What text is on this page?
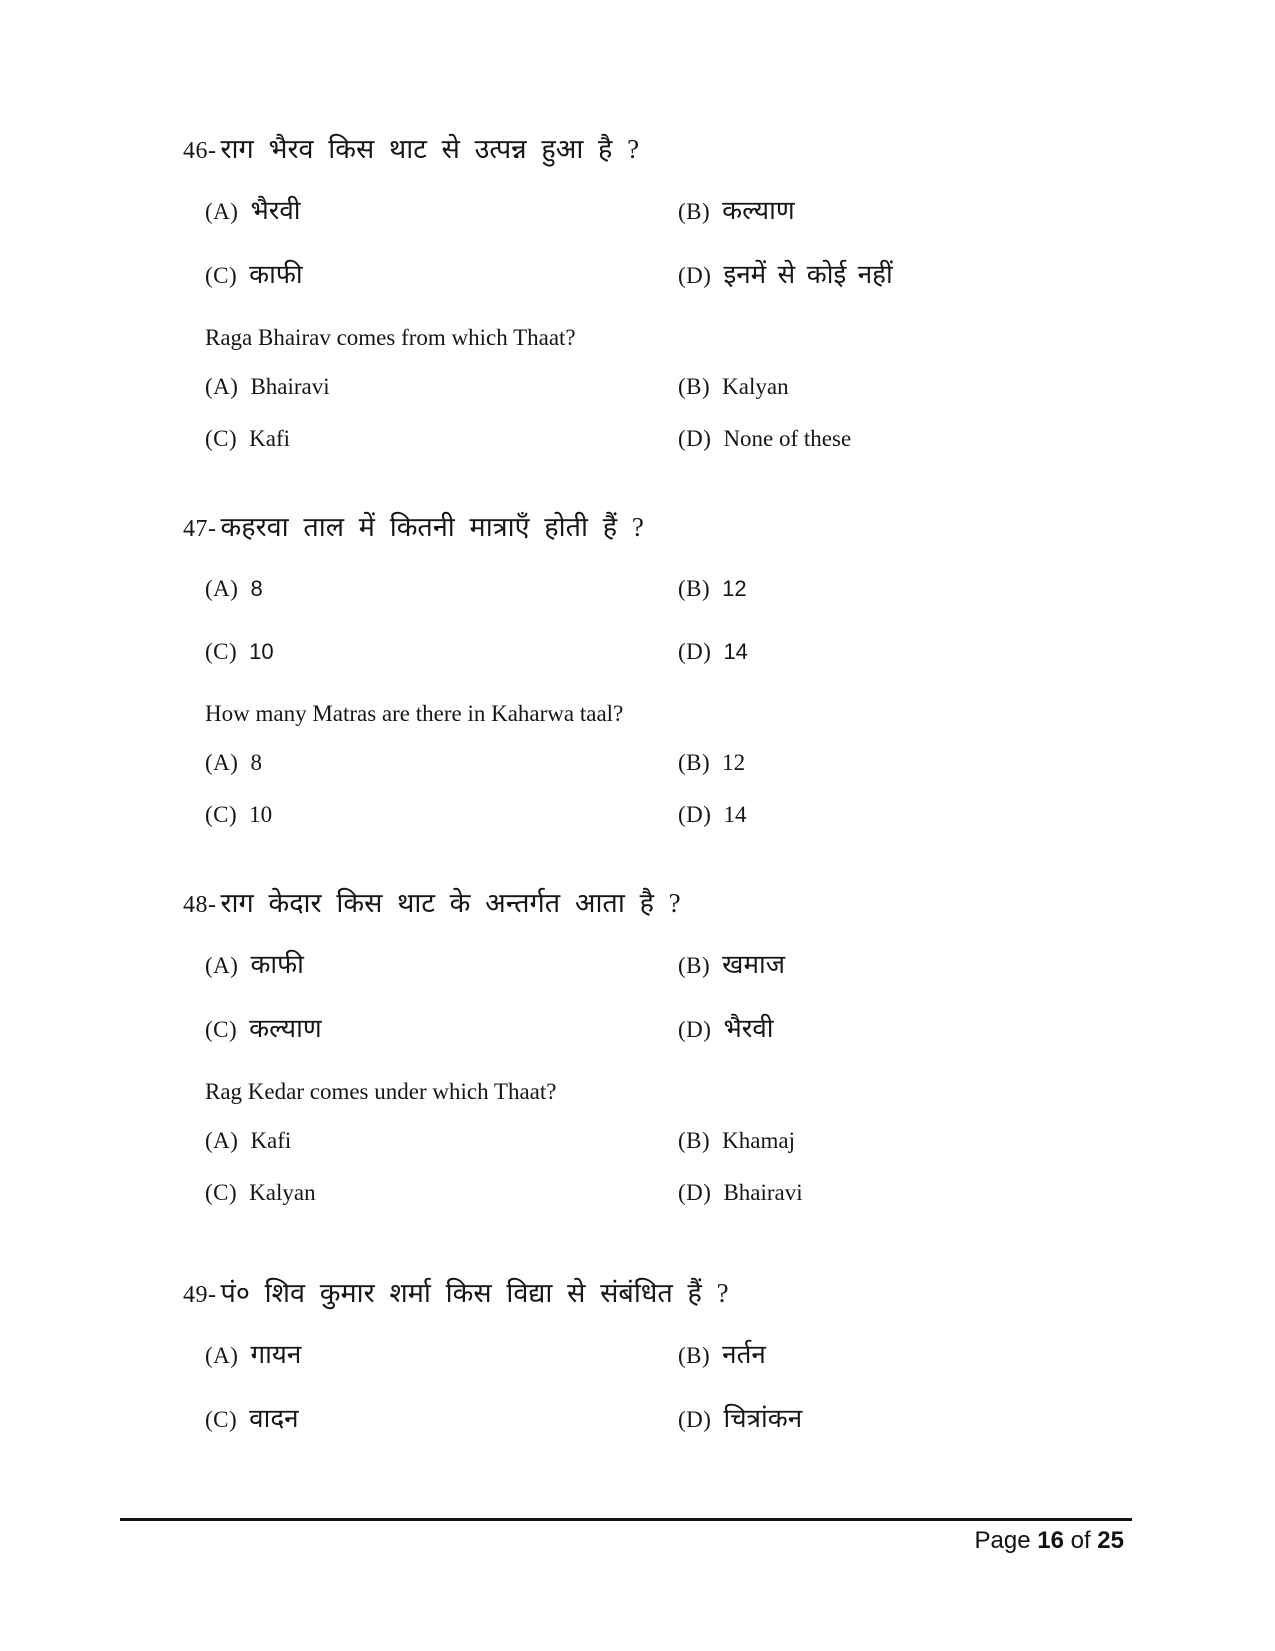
46- राग भैरव किस थाट से उत्पन्न हुआ है ?
(A) भैरवी	(B) कल्याण
(C) काफी	(D) इनमें से कोई नहीं
Raga Bhairav comes from which Thaat?
(A) Bhairavi	(B) Kalyan
(C) Kafi	(D) None of these
47- कहरवा ताल में कितनी मात्राएँ होती हैं ?
(A) 8	(B) 12
(C) 10	(D) 14
How many Matras are there in Kaharwa taal?
(A) 8	(B) 12
(C) 10	(D) 14
48- राग केदार किस थाट के अन्तर्गत आता है ?
(A) काफी	(B) खमाज
(C) कल्याण	(D) भैरवी
Rag Kedar comes under which Thaat?
(A) Kafi	(B) Khamaj
(C) Kalyan	(D) Bhairavi
49- पं० शिव कुमार शर्मा किस विद्या से संबंधित हैं ?
(A) गायन	(B) नर्तन
(C) वादन	(D) चित्रांकन
Page 16 of 25
